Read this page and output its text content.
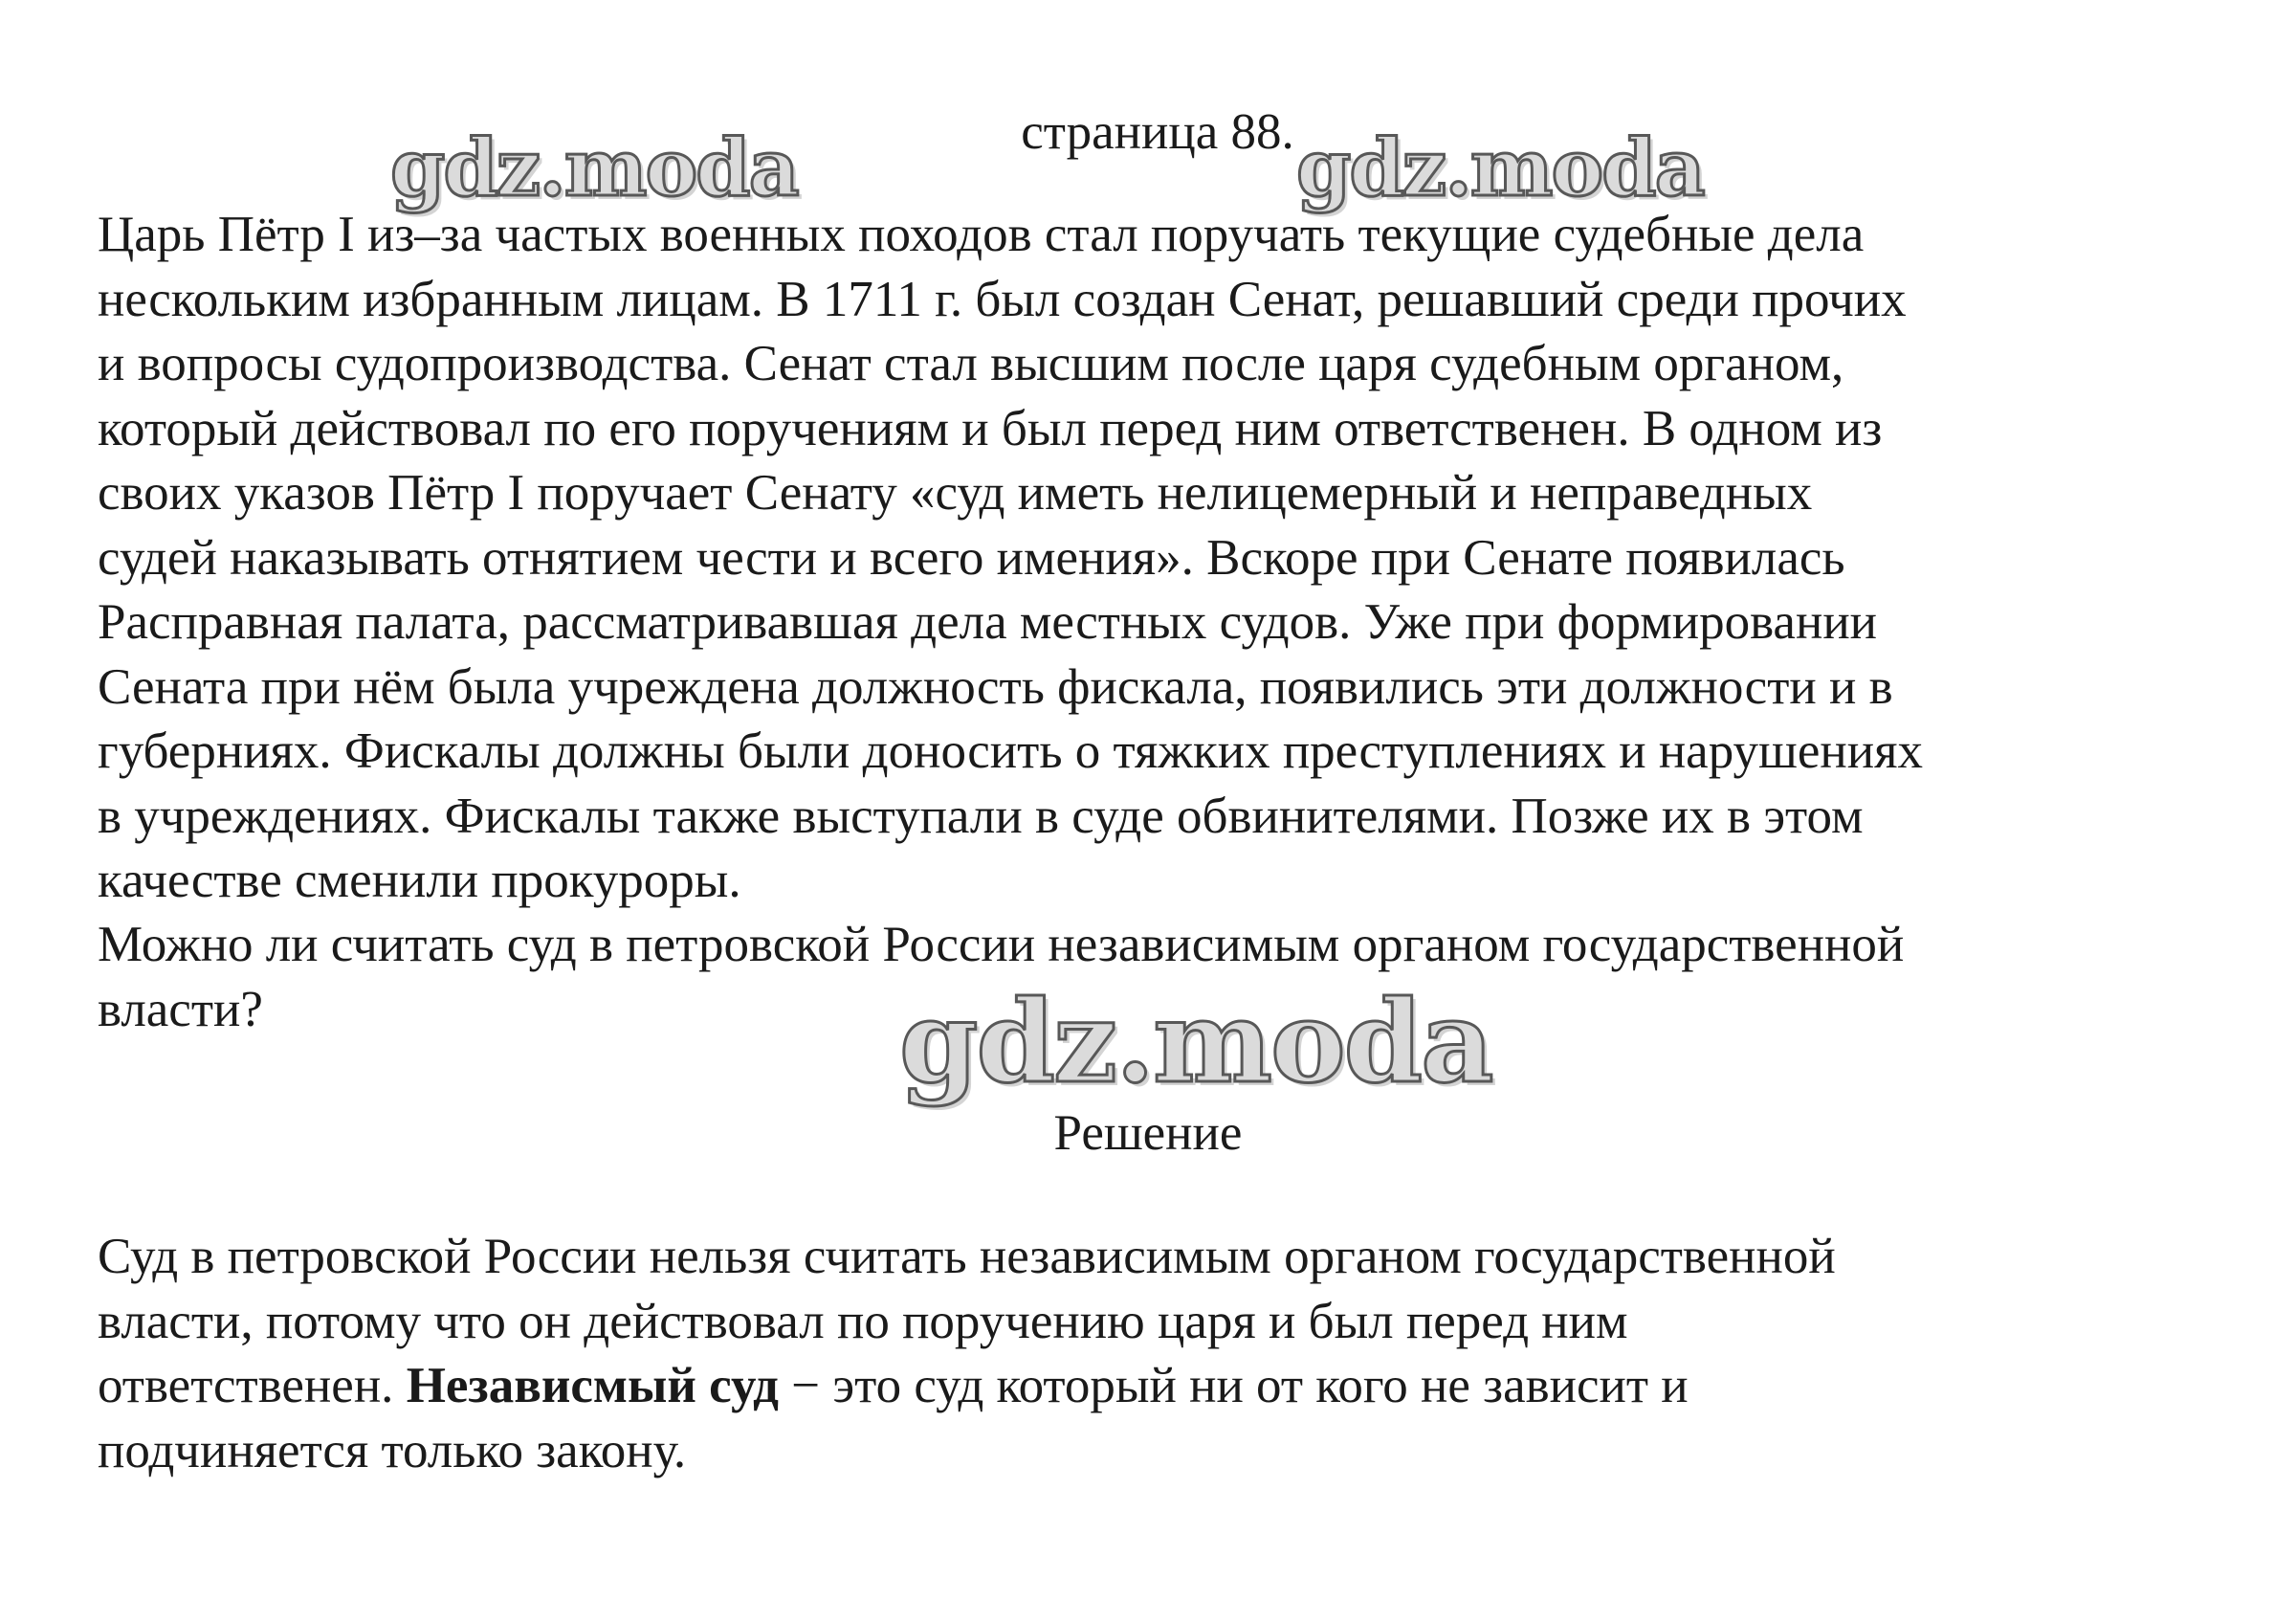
страница 88.
Царь Пётр I из–за частых военных походов стал поручать текущие судебные дела
нескольким избранным лицам. В 1711 г. был создан Сенат, решавший среди прочих
и вопросы судопроизводства. Сенат стал высшим после царя судебным органом,
который действовал по его поручениям и был перед ним ответственен. В одном из
своих указов Пётр I поручает Сенату «суд иметь нелицемерный и неправедных
судей наказывать отнятием чести и всего имения». Вскоре при Сенате появилась
Расправная палата, рассматривавшая дела местных судов. Уже при формировании
Сената при нём была учреждена должность фискала, появились эти должности и в
губерниях. Фискалы должны были доносить о тяжких преступлениях и нарушениях
в учреждениях. Фискалы также выступали в суде обвинителями. Позже их в этом
качестве сменили прокуроры.
Можно ли считать суд в петровской России независимым органом государственной
власти?
Решение
Суд в петровской России нельзя считать независимым органом государственной
власти, потому что он действовал по поручению царя и был перед ним
ответственен. Независмый суд − это суд который ни от кого не зависит и
подчиняется только закону.
gdz.moda	gdz.moda
gdz.moda
